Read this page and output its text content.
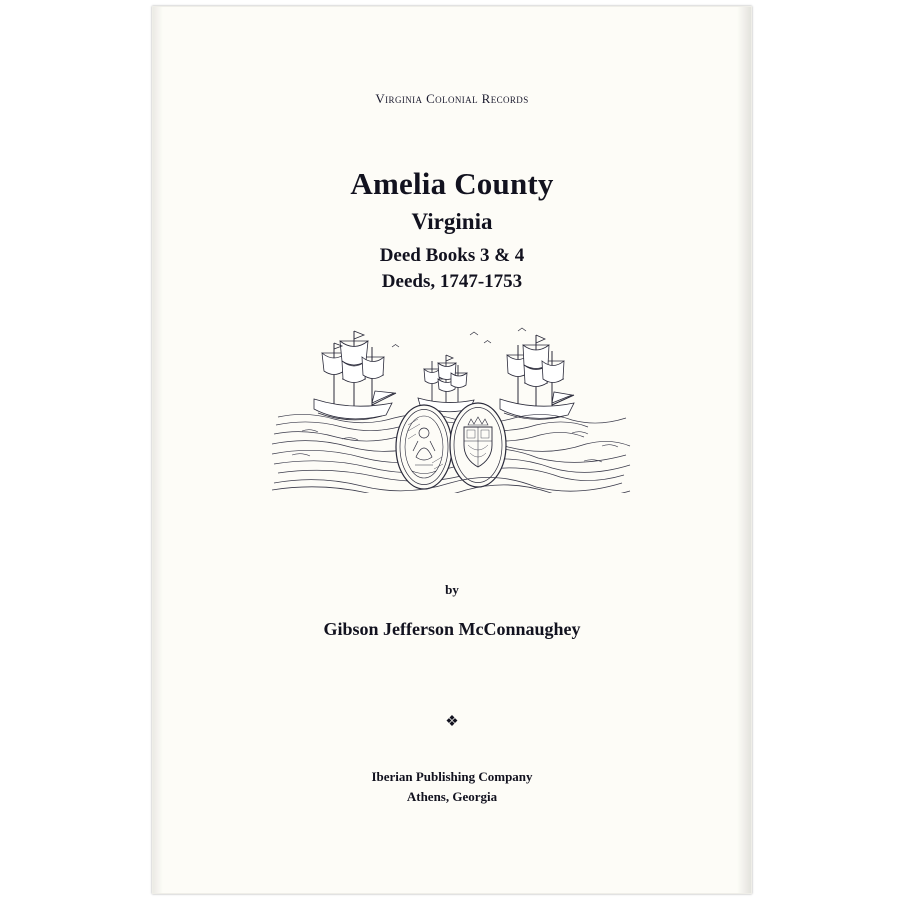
Virginia Colonial Records
Amelia County
Virginia
Deed Books 3 & 4
Deeds, 1747-1753
by
Gibson Jefferson McConnaughey
❖
Iberian Publishing Company
Athens, Georgia
